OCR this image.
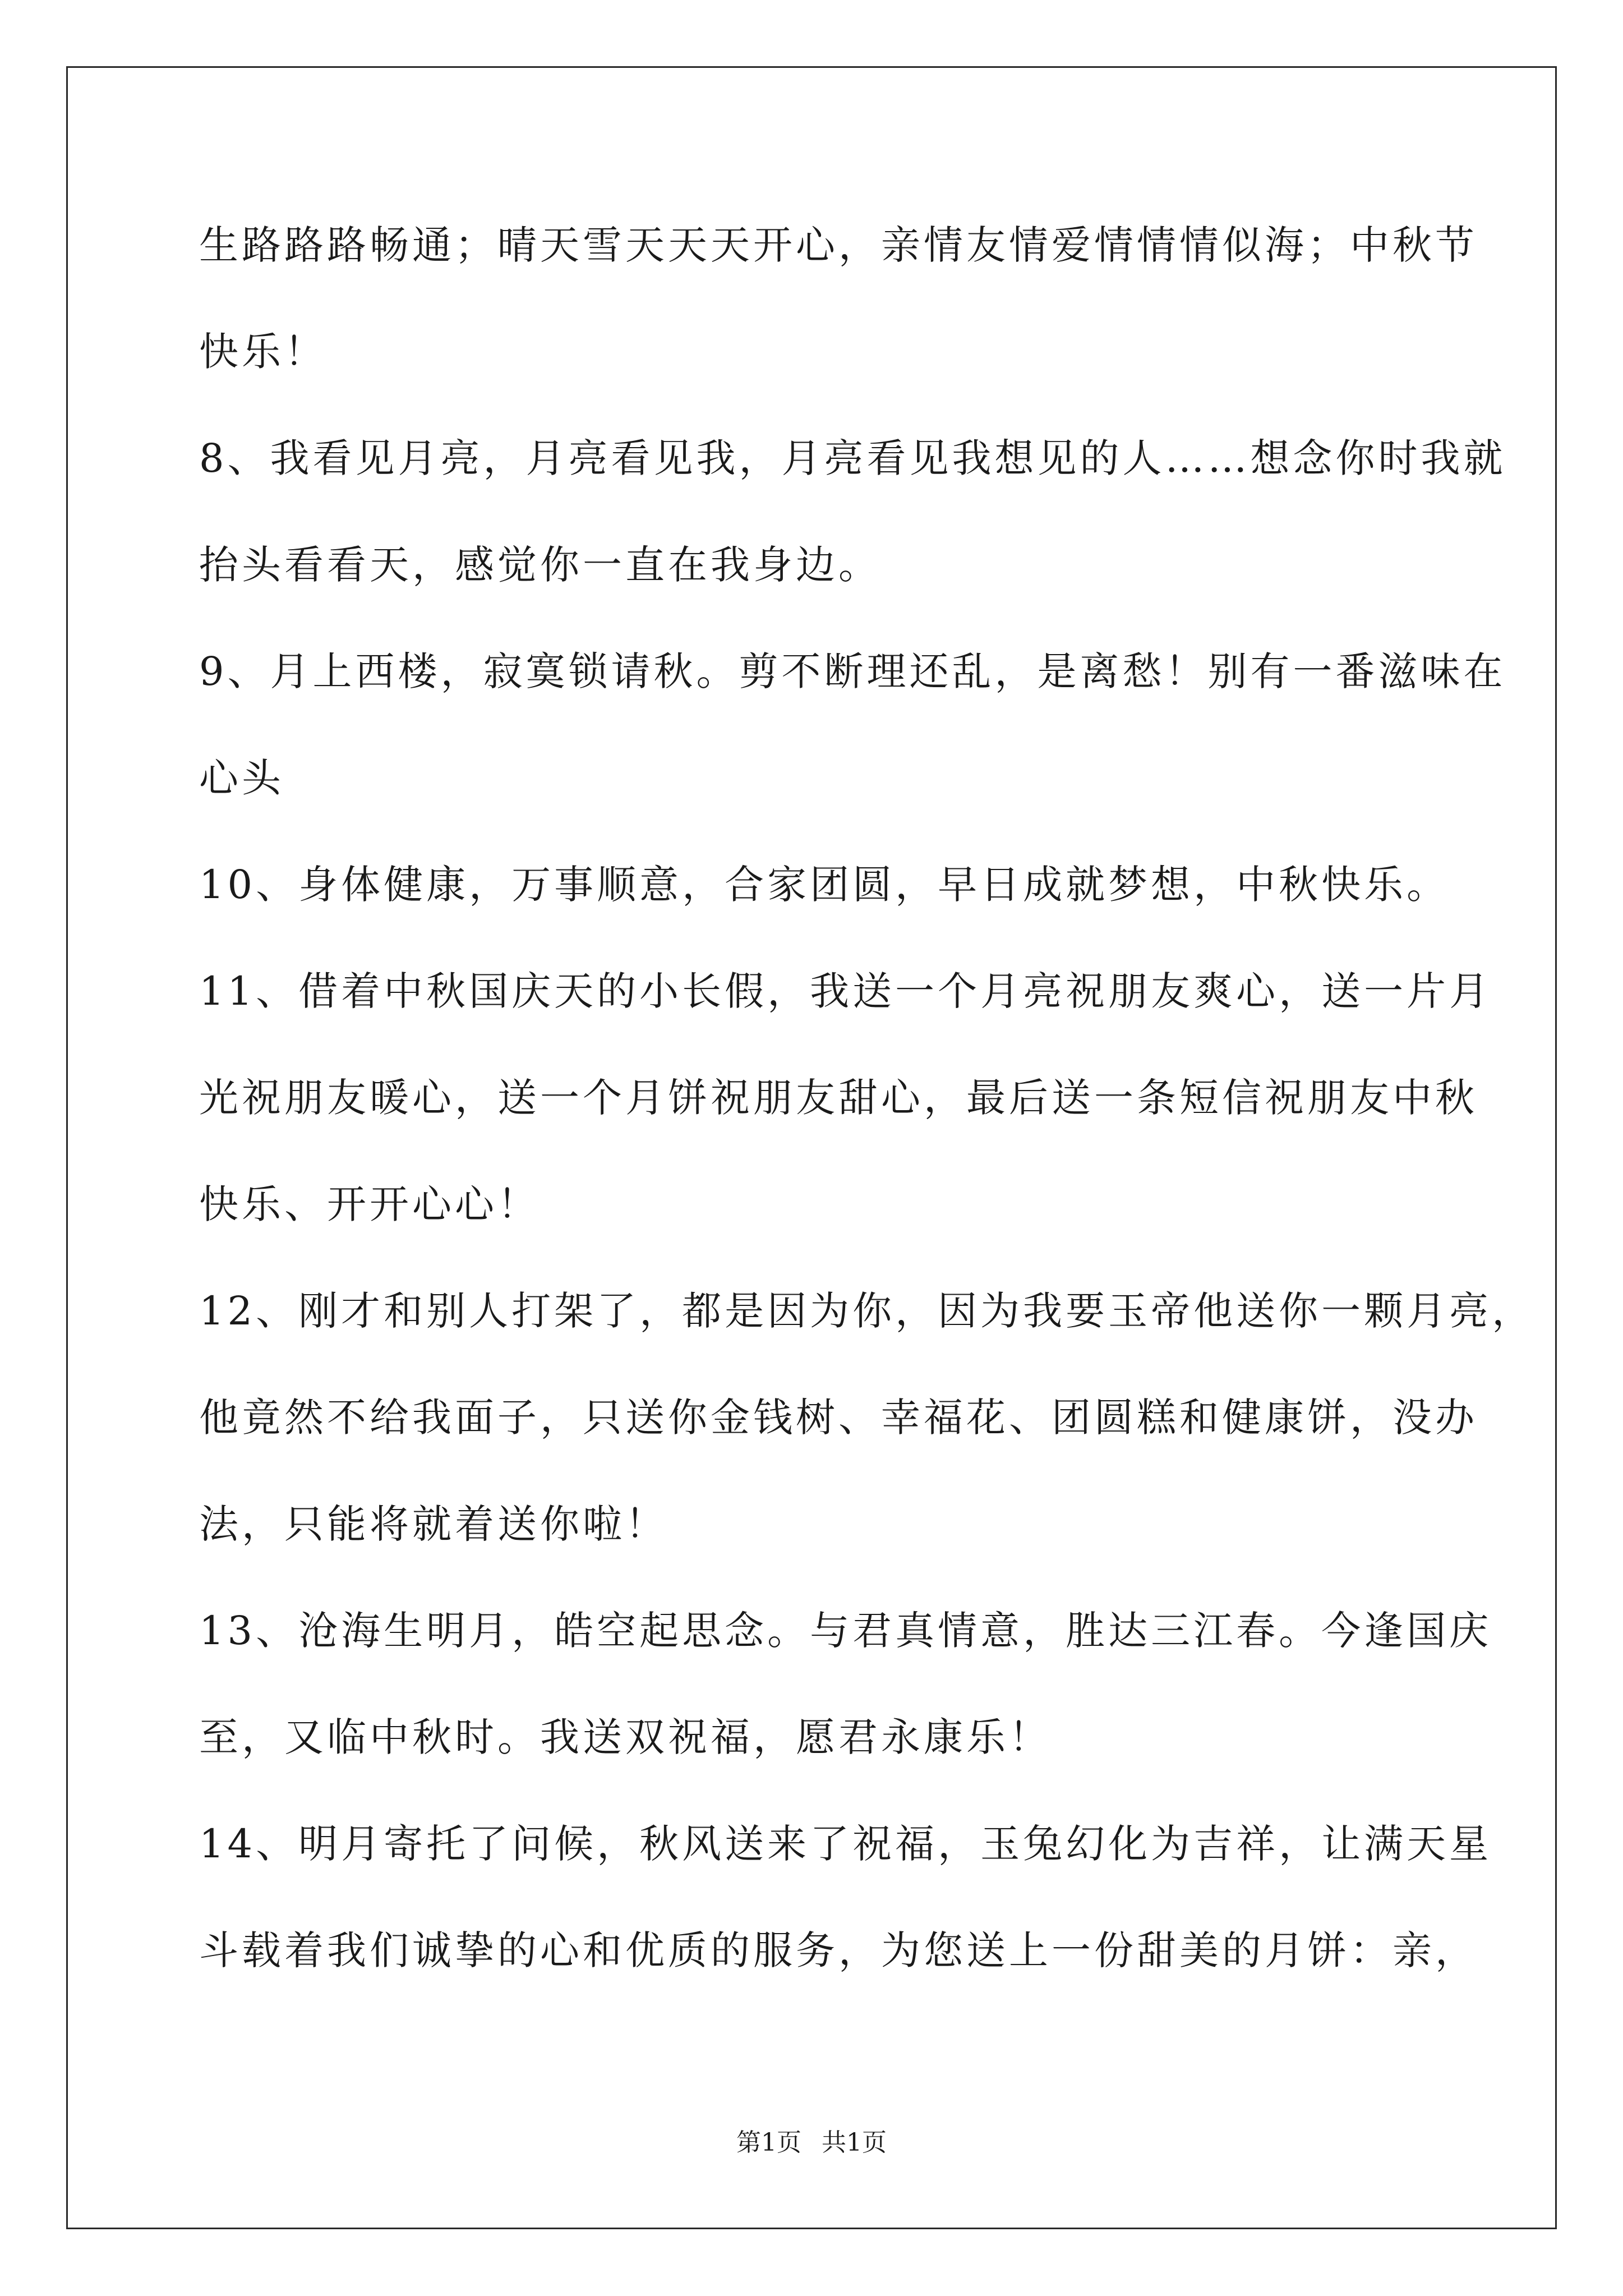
生路路路畅通；晴天雪天天天开心，亲情友情爱情情情似海；中秋节
快乐！
8、我看见月亮，月亮看见我，月亮看见我想见的人……想念你时我就
抬头看看天，感觉你一直在我身边。
9、月上西楼，寂寞锁请秋。剪不断理还乱，是离愁！别有一番滋味在
心头
10、身体健康，万事顺意，合家团圆，早日成就梦想，中秋快乐。
11、借着中秋国庆天的小长假，我送一个月亮祝朋友爽心，送一片月
光祝朋友暖心，送一个月饼祝朋友甜心，最后送一条短信祝朋友中秋
快乐、开开心心！
12、刚才和别人打架了，都是因为你，因为我要玉帝他送你一颗月亮，
他竟然不给我面子，只送你金钱树、幸福花、团圆糕和健康饼，没办
法，只能将就着送你啦！
13、沧海生明月，皓空起思念。与君真情意，胜达三江春。今逢国庆
至，又临中秋时。我送双祝福，愿君永康乐！
14、明月寄托了问候，秋风送来了祝福，玉兔幻化为吉祥，让满天星
斗载着我们诚挚的心和优质的服务，为您送上一份甜美的月饼：亲，
第1页 共1页
